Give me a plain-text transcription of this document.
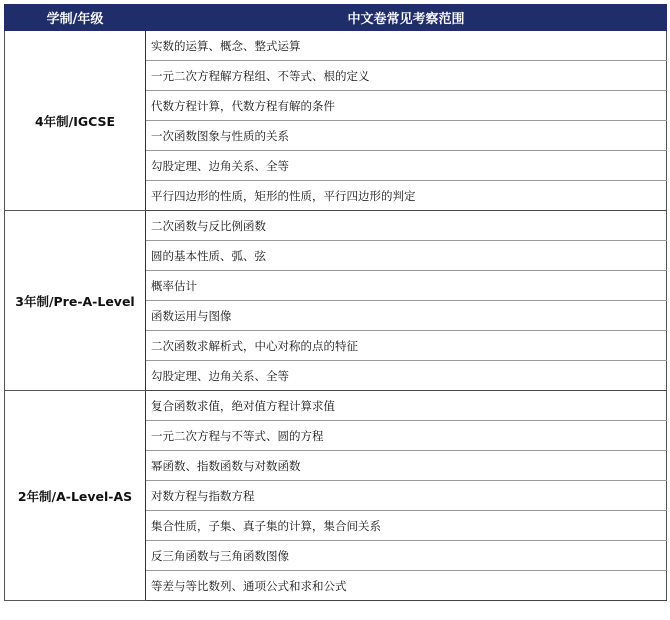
学制/年级	中文卷常见考察范围
4年制/IGCSE	实数的运算、概念、整式运算
	一元二次方程解方程组、不等式、根的定义
	代数方程计算，代数方程有解的条件
	一次函数图象与性质的关系
	勾股定理、边角关系、全等
	平行四边形的性质，矩形的性质，平行四边形的判定
3年制/Pre-A-Level	二次函数与反比例函数
	圆的基本性质、弧、弦
	概率估计
	函数运用与图像
	二次函数求解析式，中心对称的点的特征
	勾股定理、边角关系、全等
2年制/A-Level-AS	复合函数求值，绝对值方程计算求值
	一元二次方程与不等式、圆的方程
	幂函数、指数函数与对数函数
	对数方程与指数方程
	集合性质，子集、真子集的计算，集合间关系
	反三角函数与三角函数图像
	等差与等比数列、通项公式和求和公式
